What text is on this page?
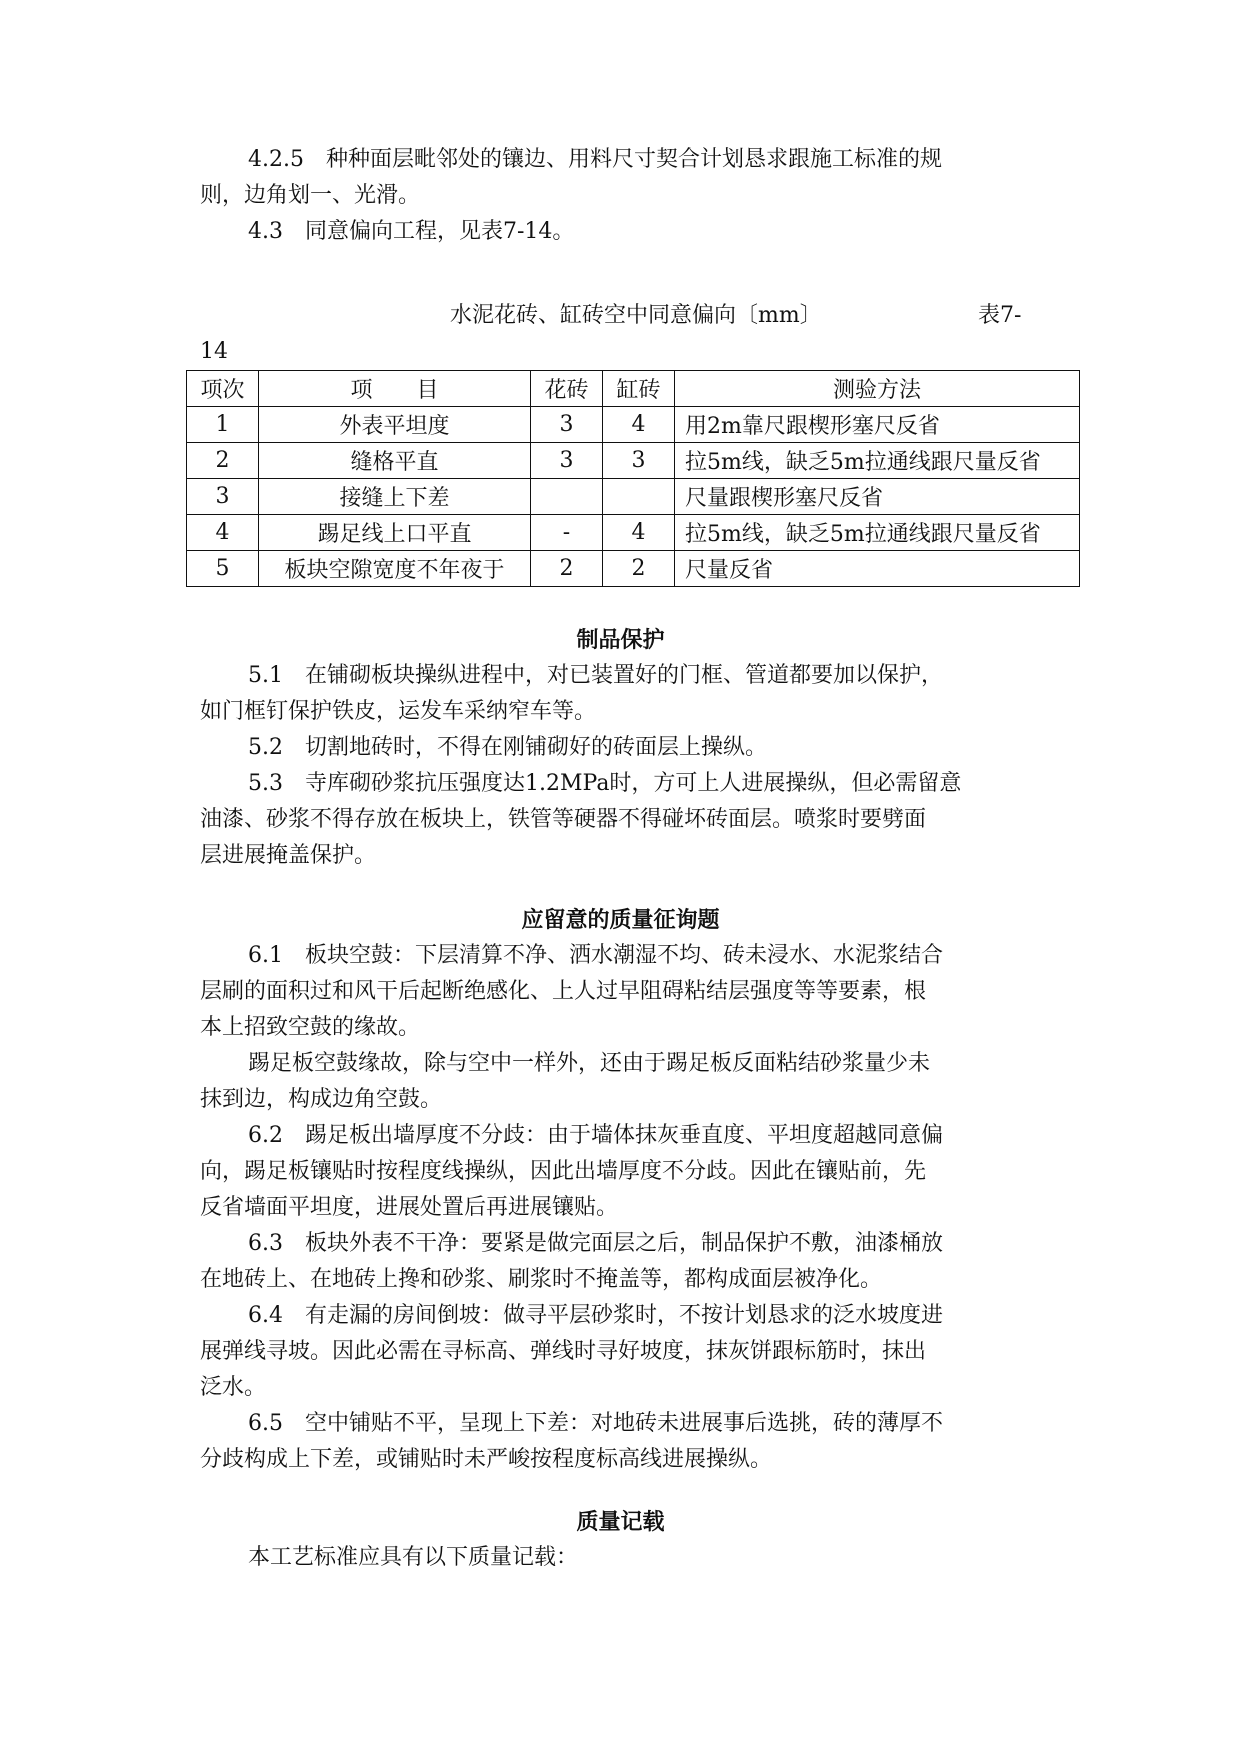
4.2.5　种种面层毗邻处的镶边、用料尺寸契合计划恳求跟施工标准的规
则，边角划一、光滑。
4.3　同意偏向工程，见表7-14。
水泥花砖、缸砖空中同意偏向〔mm〕	表7-
14
项次	项　　目	花砖	缸砖	测验方法
1	外表平坦度	3	4	用2m靠尺跟楔形塞尺反省
2	缝格平直	3	3	拉5m线，缺乏5m拉通线跟尺量反省
3	接缝上下差			尺量跟楔形塞尺反省
4	踢足线上口平直	-	4	拉5m线，缺乏5m拉通线跟尺量反省
5	板块空隙宽度不年夜于	2	2	尺量反省
制品保护
5.1　在铺砌板块操纵进程中，对已装置好的门框、管道都要加以保护，
如门框钉保护铁皮，运发车采纳窄车等。
5.2　切割地砖时，不得在刚铺砌好的砖面层上操纵。
5.3　寺库砌砂浆抗压强度达1.2MPa时，方可上人进展操纵，但必需留意
油漆、砂浆不得存放在板块上，铁管等硬器不得碰坏砖面层。喷浆时要劈面
层进展掩盖保护。
应留意的质量征询题
6.1　板块空鼓：下层清算不净、洒水潮湿不均、砖未浸水、水泥浆结合
层刷的面积过和风干后起断绝感化、上人过早阻碍粘结层强度等等要素，根
本上招致空鼓的缘故。
踢足板空鼓缘故，除与空中一样外，还由于踢足板反面粘结砂浆量少未
抹到边，构成边角空鼓。
6.2　踢足板出墙厚度不分歧：由于墙体抹灰垂直度、平坦度超越同意偏
向，踢足板镶贴时按程度线操纵，因此出墙厚度不分歧。因此在镶贴前，先
反省墙面平坦度，进展处置后再进展镶贴。
6.3　板块外表不干净：要紧是做完面层之后，制品保护不敷，油漆桶放
在地砖上、在地砖上搀和砂浆、刷浆时不掩盖等，都构成面层被净化。
6.4　有走漏的房间倒坡：做寻平层砂浆时，不按计划恳求的泛水坡度进
展弹线寻坡。因此必需在寻标高、弹线时寻好坡度，抹灰饼跟标筋时，抹出
泛水。
6.5　空中铺贴不平，呈现上下差：对地砖未进展事后选挑，砖的薄厚不
分歧构成上下差，或铺贴时未严峻按程度标高线进展操纵。
质量记载
本工艺标准应具有以下质量记载：
